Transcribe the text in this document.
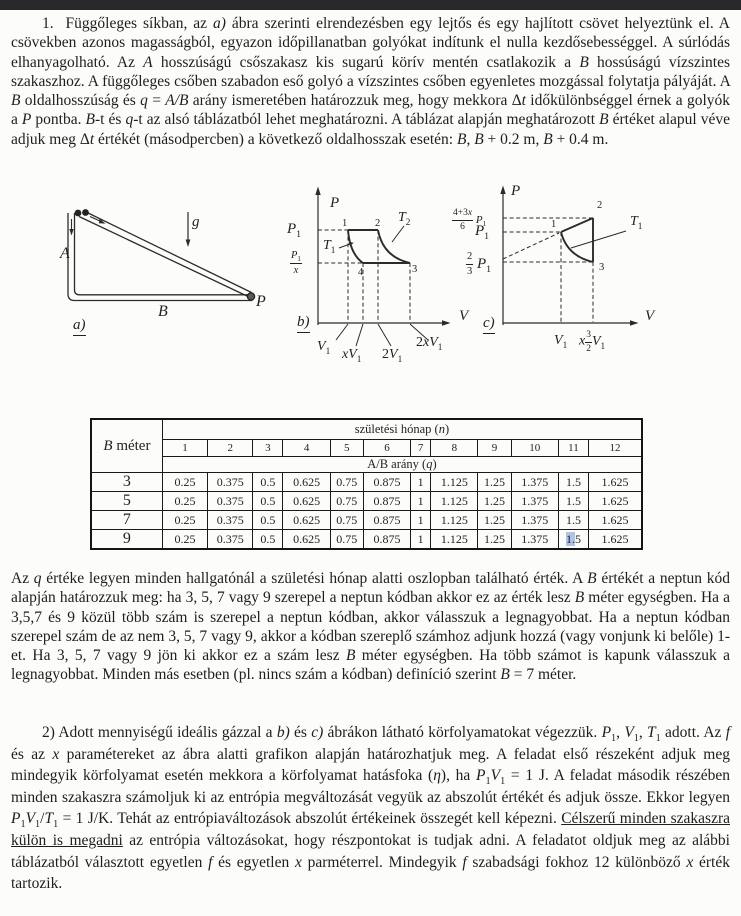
1.  Függőleges síkban, az a) ábra szerinti elrendezésben egy lejtős és egy hajlított csövet helyeztünk el. A csövekben azonos magasságból, egyazon időpillanatban golyókat indítunk el nulla kezdősebességgel. A súrlódás elhanyagolható. Az A hosszúságú csőszakasz kis sugarú körív mentén csatlakozik a B hossúságú vízszintes szakaszhoz. A függőleges csőben szabadon eső golyó a vízszintes csőben egyenletes mozgással folytatja pályáját. A B oldalhosszúság és q = A/B arány ismeretében határozzuk meg, hogy mekkora Δt időkülönbséggel érnek a golyók a P pontba. B-t és q-t az alsó táblázatból lehet meghatározni. A táblázat alapján meghatározott B értéket alapul véve adjuk meg Δt értékét (másodpercben) a következő oldalhosszak esetén: B, B + 0.2 m, B + 0.4 m.
A
B
P
g
a)
P
V
$P_1$
$\frac{P_1}{x}$
$T_1$
$T_2$
1	2
3
4
$V_1$ $xV_1$ $2V_1$
$2xV_1$
b)
P
V
$\frac{4+3x}{6} P_1$
$P_1$
$\frac{2}{3} P_1$
$T_1$
1
2
3
$V_1$ x $\frac{3}{2} V_1$
c)
B méter	születési hónap (n)											
	1	2	3	4	5	6	7	8	9	10	11	12
	A/B arány (q)											
3	0.25	0.375	0.5	0.625	0.75	0.875	1	1.125	1.25	1.375	1.5	1.625
5	0.25	0.375	0.5	0.625	0.75	0.875	1	1.125	1.25	1.375	1.5	1.625
7	0.25	0.375	0.5	0.625	0.75	0.875	1	1.125	1.25	1.375	1.5	1.625
9	0.25	0.375	0.5	0.625	0.75	0.875	1	1.125	1.25	1.375	1.5	1.625
Az q értéke legyen minden hallgatónál a születési hónap alatti oszlopban található érték. A B értékét a neptun kód alapján határozzuk meg: ha 3, 5, 7 vagy 9 szerepel a neptun kódban akkor ez az érték lesz B méter egységben. Ha a 3,5,7 és 9 közül több szám is szerepel a neptun kódban, akkor válasszuk a legnagyobbat. Ha a neptun kódban szerepel szám de az nem 3, 5, 7 vagy 9, akkor a kódban szereplő számhoz adjunk hozzá (vagy vonjunk ki belőle) 1-et. Ha 3, 5, 7 vagy 9 jön ki akkor ez a szám lesz B méter egységben. Ha több számot is kapunk válasszuk a legnagyobbat. Minden más esetben (pl. nincs szám a kódban) definíció szerint B = 7 méter.
2) Adott mennyiségű ideális gázzal a b) és c) ábrákon látható körfolyamatokat végezzük. $P_1$, $V_1$, $T_1$ adott. Az f és az x paramétereket az ábra alatti grafikon alapján határozhatjuk meg. A feladat első részeként adjuk meg mindegyik körfolyamat esetén mekkora a körfolyamat hatásfoka (η), ha $P_1V_1 = 1$ J. A feladat második részében minden szakaszra számoljuk ki az entrópia megváltozását vegyük az abszolút értékét és adjuk össze. Ekkor legyen $P_1V_1/T_1 = 1$ J/K. Tehát az entrópiaváltozások abszolút értékeinek összegét kell képezni. Célszerű minden szakaszra külön is megadni az entrópia változásokat, hogy részpontokat is tudjak adni. A feladatot oldjuk meg az alábbi táblázatból választott egyetlen f és egyetlen x parméterrel. Mindegyik f szabadsági fokhoz 12 különböző x érték tartozik.
